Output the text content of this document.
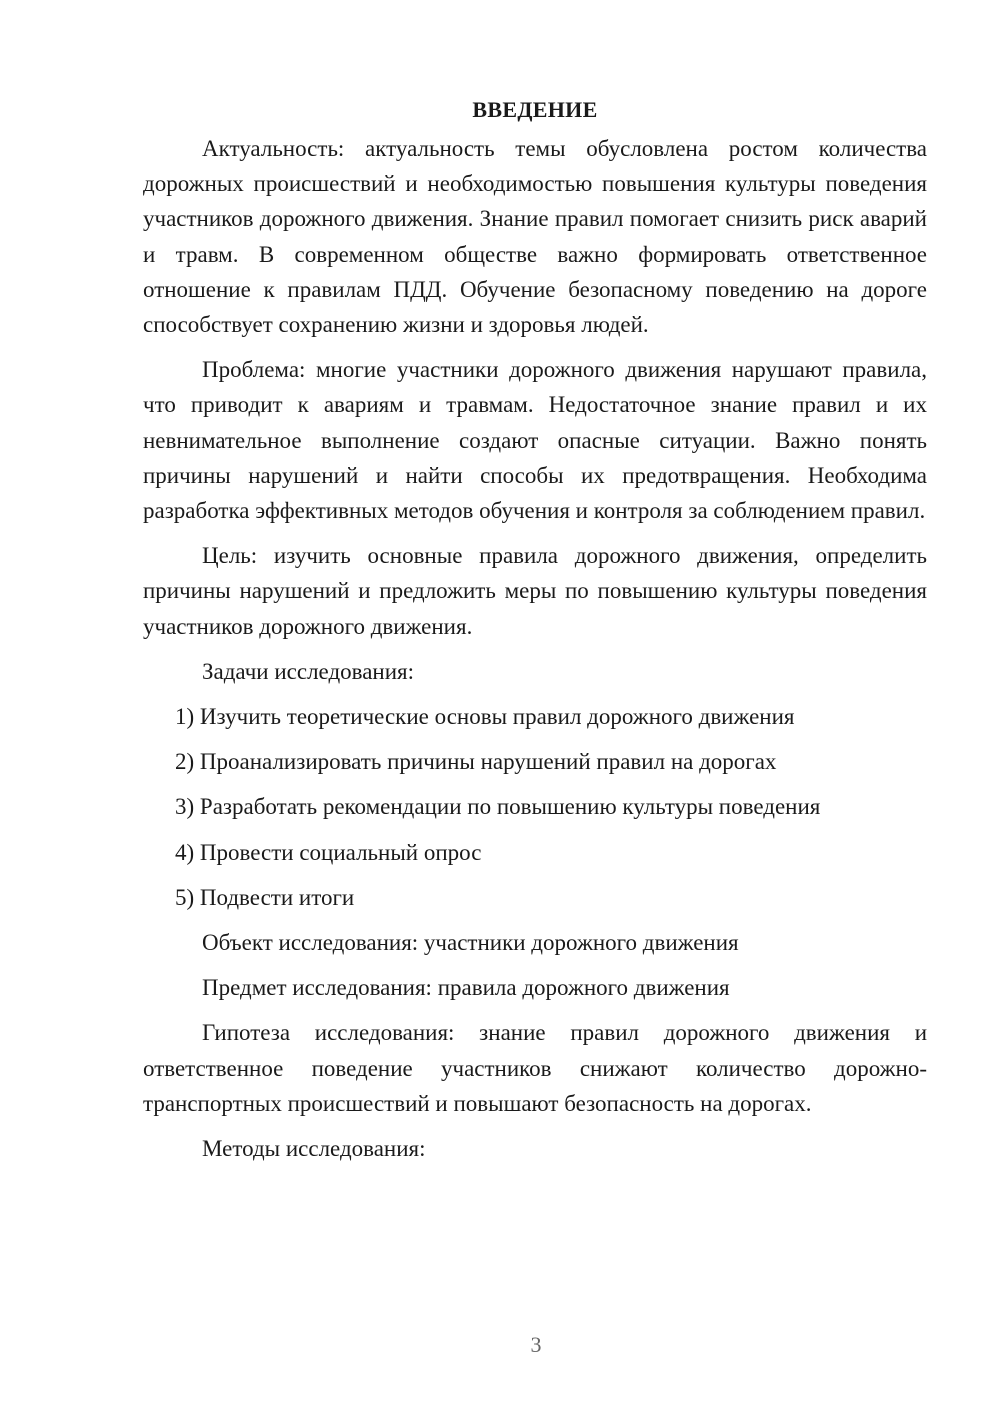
ВВЕДЕНИЕ

Актуальность: актуальность темы обусловлена ростом количества дорожных происшествий и необходимостью повышения культуры поведения участников дорожного движения. Знание правил помогает снизить риск аварий и травм. В современном обществе важно формировать ответственное отношение к правилам ПДД. Обучение безопасному поведению на дороге способствует сохранению жизни и здоровья людей.

Проблема: многие участники дорожного движения нарушают правила, что приводит к авариям и травмам. Недостаточное знание правил и их невнимательное выполнение создают опасные ситуации. Важно понять причины нарушений и найти способы их предотвращения. Необходима разработка эффективных методов обучения и контроля за соблюдением правил.

Цель: изучить основные правила дорожного движения, определить причины нарушений и предложить меры по повышению культуры поведения участников дорожного движения.

Задачи исследования:

1) Изучить теоретические основы правил дорожного движения

2) Проанализировать причины нарушений правил на дорогах

3) Разработать рекомендации по повышению культуры поведения

4) Провести социальный опрос

5) Подвести итоги

Объект исследования: участники дорожного движения

Предмет исследования: правила дорожного движения

Гипотеза исследования: знание правил дорожного движения и ответственное поведение участников снижают количество дорожно-транспортных происшествий и повышают безопасность на дорогах.

Методы исследования:

3
